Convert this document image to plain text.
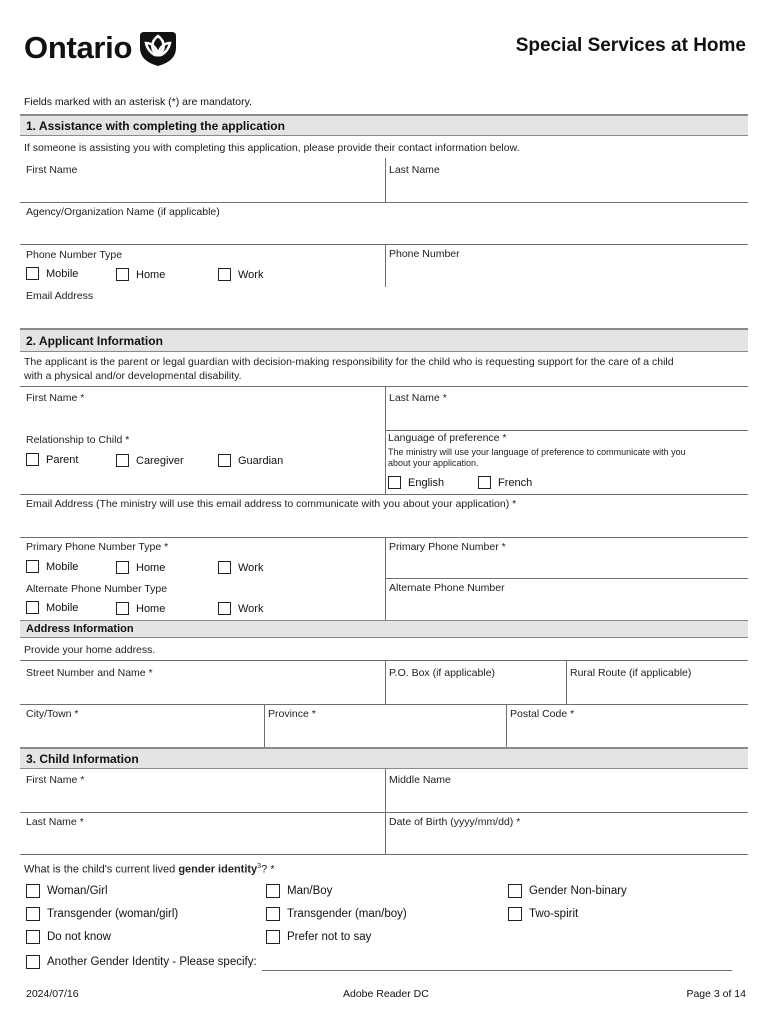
Ontario	Special Services at Home
Fields marked with an asterisk (*) are mandatory.
1. Assistance with completing the application
If someone is assisting you with completing this application, please provide their contact information below.
First Name	Last Name
Agency/Organization Name (if applicable)
Phone Number Type	Phone Number
Mobile	Home	Work
Email Address
2. Applicant Information
The applicant is the parent or legal guardian with decision-making responsibility for the child who is requesting support for the care of a child
with a physical and/or developmental disability.
First Name *	Last Name *
Relationship to Child *
Parent	Caregiver	Guardian
Language of preference *
The ministry will use your language of preference to communicate with you
about your application.
English	French
Email Address (The ministry will use this email address to communicate with you about your application) *
Primary Phone Number Type *	Primary Phone Number *
Mobile	Home	Work
Alternate Phone Number Type	Alternate Phone Number
Mobile	Home	Work
Address Information
Provide your home address.
Street Number and Name *	P.O. Box (if applicable)	Rural Route (if applicable)
City/Town *	Province *	Postal Code *
3. Child Information
First Name *	Middle Name
Last Name *	Date of Birth (yyyy/mm/dd) *
What is the child's current lived gender identity$^3$? *
Woman/Girl	Man/Boy	Gender Non-binary
Transgender (woman/girl)	Transgender (man/boy)	Two-spirit
Do not know	Prefer not to say
Another Gender Identity - Please specify:
2024/07/16	Adobe Reader DC	Page 3 of 14
